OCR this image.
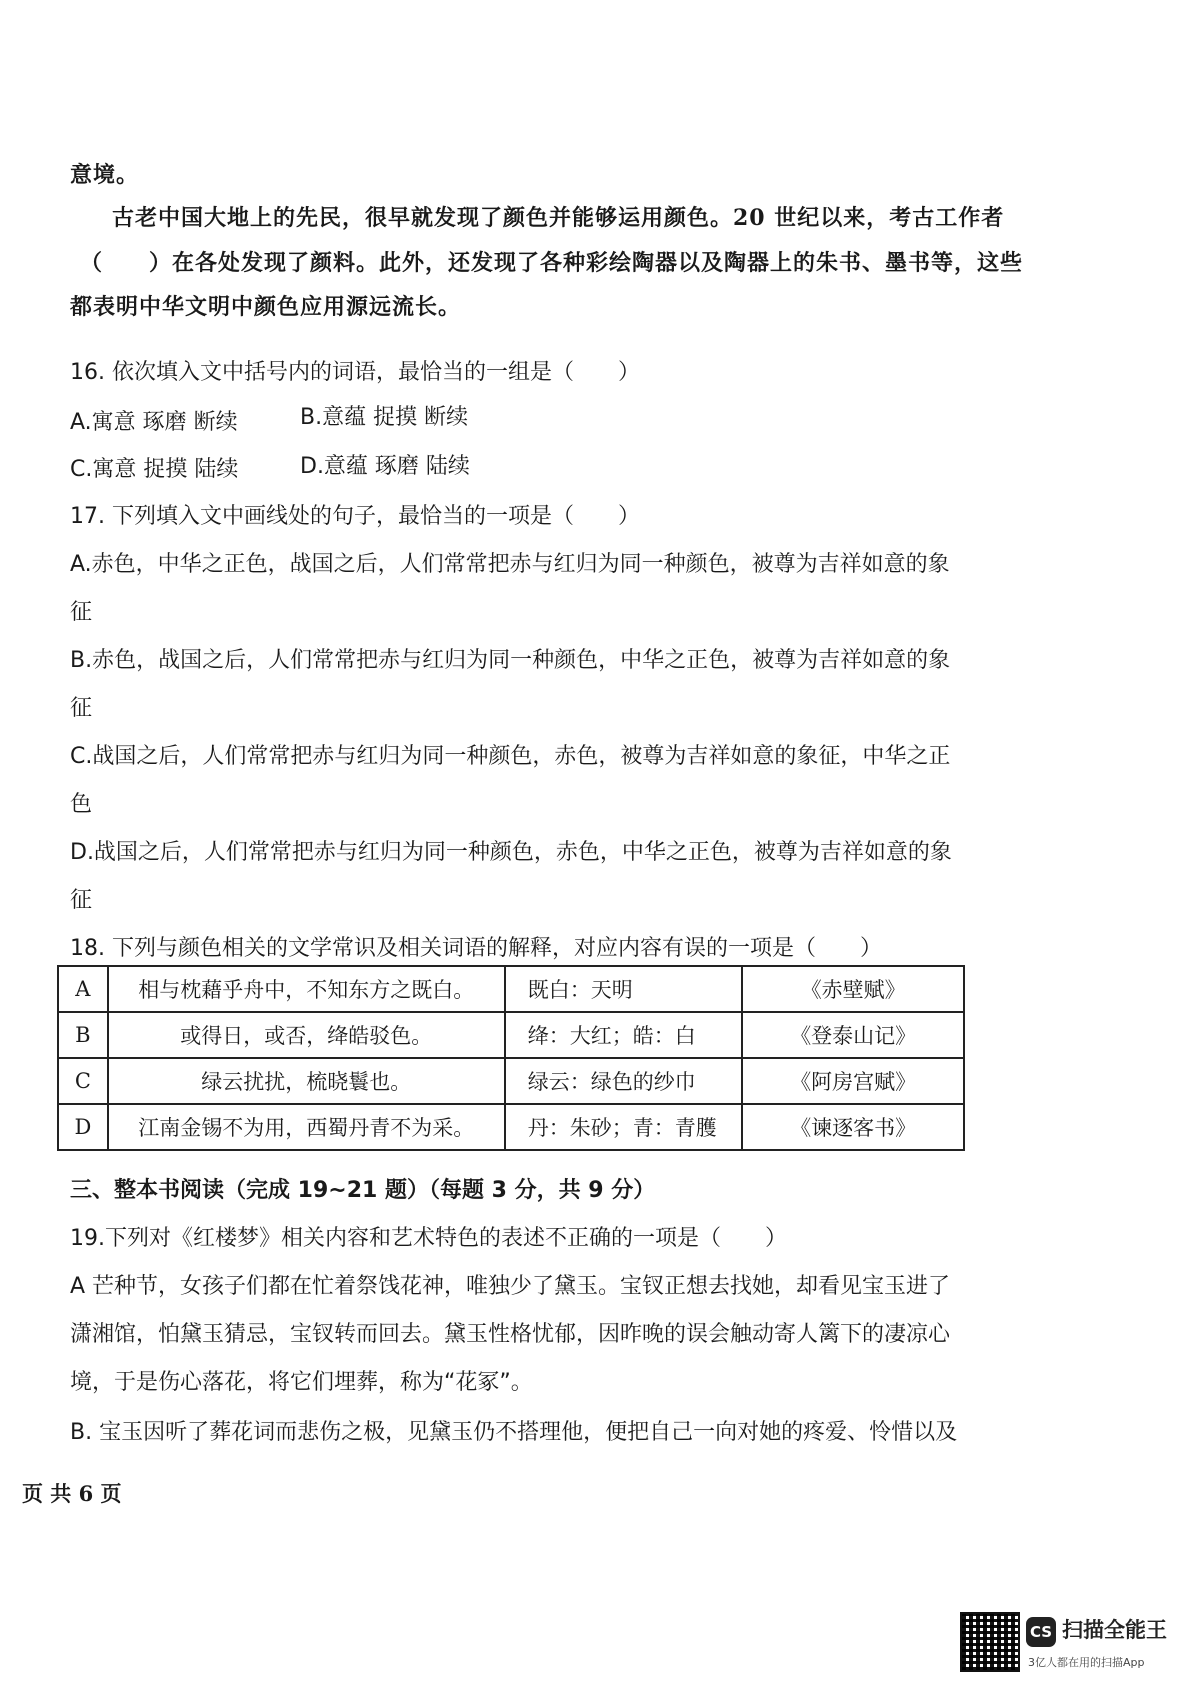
意境。
古老中国大地上的先民，很早就发现了颜色并能够运用颜色。20 世纪以来，考古工作者
（　　）在各处发现了颜料。此外，还发现了各种彩绘陶器以及陶器上的朱书、墨书等，这些
都表明中华文明中颜色应用源远流长。
16. 依次填入文中括号内的词语，最恰当的一组是（　　）
A.寓意 琢磨 断续	B.意蕴 捉摸 断续
C.寓意 捉摸 陆续	D.意蕴 琢磨 陆续
17. 下列填入文中画线处的句子，最恰当的一项是（　　）
A.赤色，中华之正色，战国之后，人们常常把赤与红归为同一种颜色，被尊为吉祥如意的象
征
B.赤色，战国之后，人们常常把赤与红归为同一种颜色，中华之正色，被尊为吉祥如意的象
征
C.战国之后，人们常常把赤与红归为同一种颜色，赤色，被尊为吉祥如意的象征，中华之正
色
D.战国之后，人们常常把赤与红归为同一种颜色，赤色，中华之正色，被尊为吉祥如意的象
征
18. 下列与颜色相关的文学常识及相关词语的解释，对应内容有误的一项是（　　）
A	相与枕藉乎舟中，不知东方之既白。	既白：天明	《赤壁赋》
B	或得日，或否，绛皓驳色。	绛：大红；皓：白	《登泰山记》
C	绿云扰扰，梳晓鬟也。	绿云：绿色的纱巾	《阿房宫赋》
D	江南金锡不为用，西蜀丹青不为采。	丹：朱砂；青：青臒	《谏逐客书》
三、整本书阅读（完成 19~21 题）（每题 3 分，共 9 分）
19.下列对《红楼梦》相关内容和艺术特色的表述不正确的一项是（　　）
A 芒种节，女孩子们都在忙着祭饯花神，唯独少了黛玉。宝钗正想去找她，却看见宝玉进了
潇湘馆，怕黛玉猜忌，宝钗转而回去。黛玉性格忧郁，因昨晚的误会触动寄人篱下的凄凉心
境，于是伤心落花，将它们埋葬，称为“花冢”。
B. 宝玉因听了葬花词而悲伤之极，见黛玉仍不搭理他，便把自己一向对她的疼爱、怜惜以及
页 共 6 页
CS 扫描全能王
3亿人都在用的扫描App
